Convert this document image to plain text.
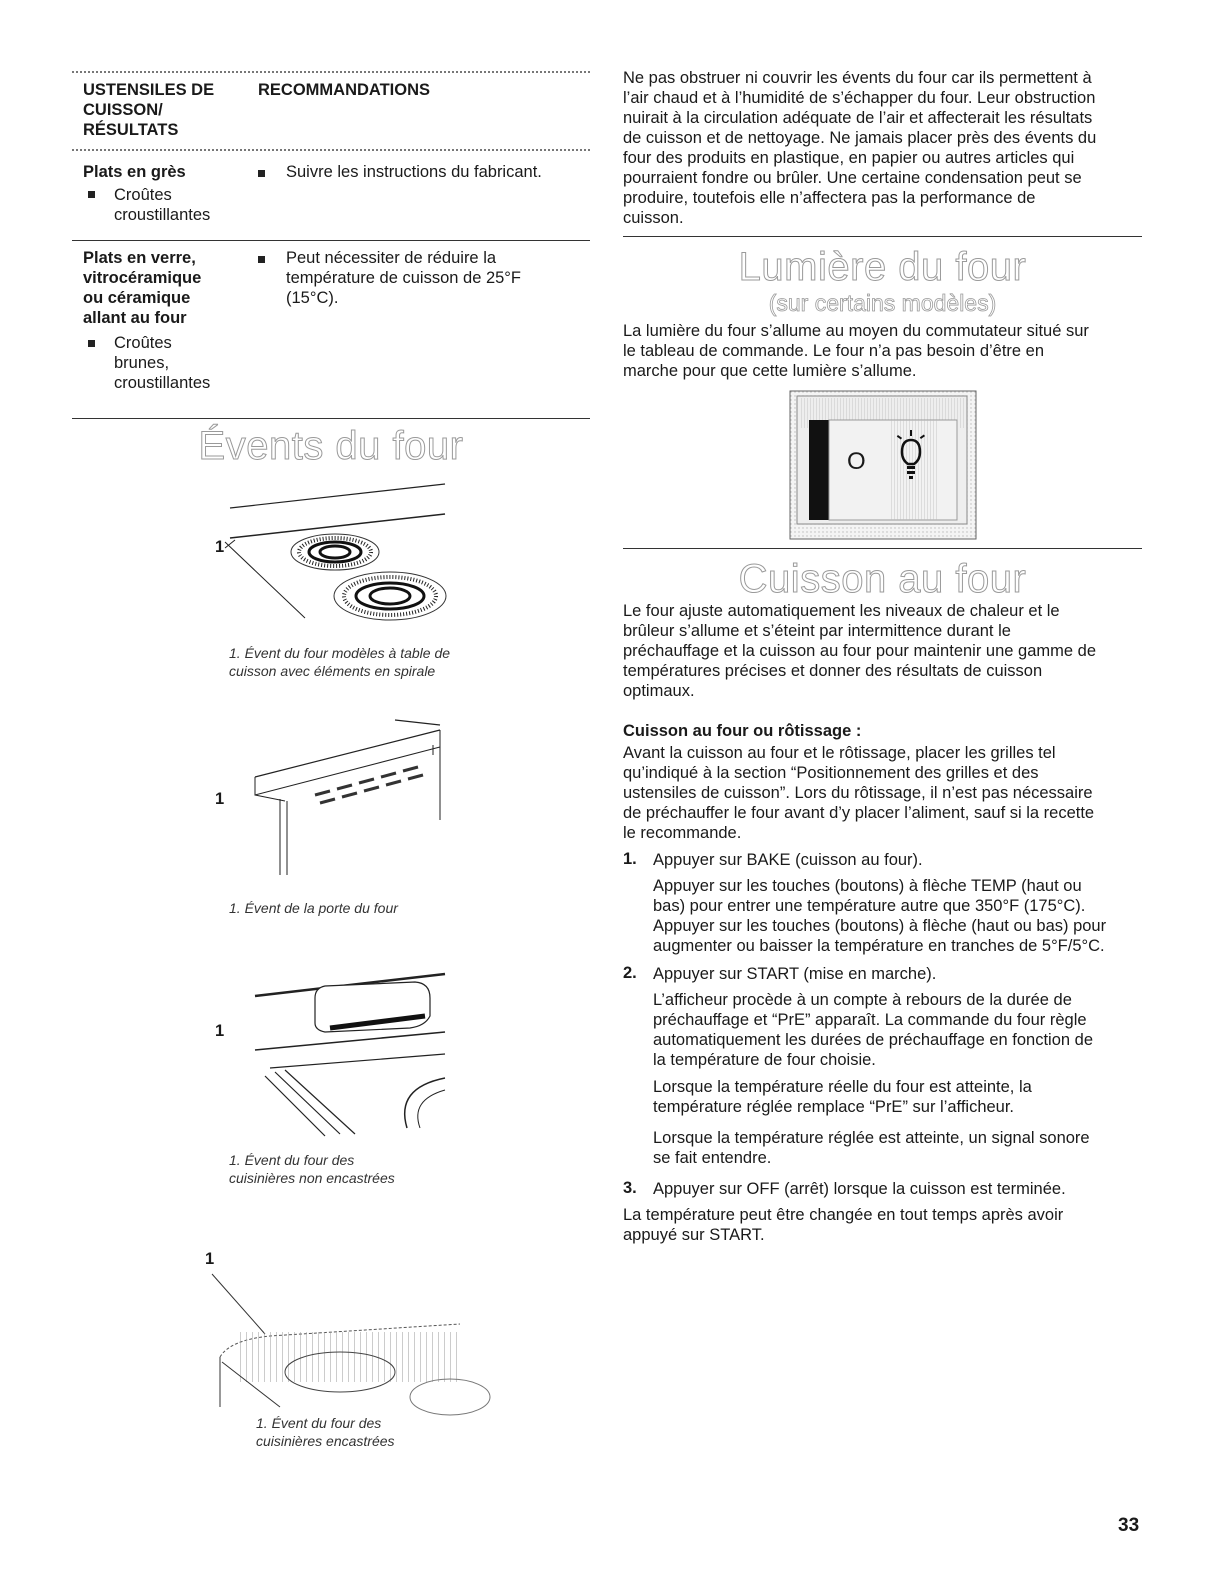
USTENSILES DE
CUISSON/
RÉSULTATS
RECOMMANDATIONS
Plats en grès
Croûtes
croustillantes
Suivre les instructions du fabricant.
Plats en verre,
vitrocéramique
ou céramique
allant au four
Croûtes
brunes,
croustillantes
Peut nécessiter de réduire la
température de cuisson de 25°F
(15°C).
Évents du four
1
1. Évent du four modèles à table de
cuisson avec éléments en spirale
1
1. Évent de la porte du four
1
1. Évent du four des
cuisinières non encastrées
1
1. Évent du four des
cuisinières encastrées
Ne pas obstruer ni couvrir les évents du four car ils permettent à
l’air chaud et à l’humidité de s’échapper du four. Leur obstruction
nuirait à la circulation adéquate de l’air et affecterait les résultats
de cuisson et de nettoyage. Ne jamais placer près des évents du
four des produits en plastique, en papier ou autres articles qui
pourraient fondre ou brûler. Une certaine condensation peut se
produire, toutefois elle n’affectera pas la performance de
cuisson.
Lumière du four
(sur certains modèles)
La lumière du four s’allume au moyen du commutateur situé sur
le tableau de commande. Le four n’a pas besoin d’être en
marche pour que cette lumière s’allume.
O
Cuisson au four
Le four ajuste automatiquement les niveaux de chaleur et le
brûleur s’allume et s’éteint par intermittence durant le
préchauffage et la cuisson au four pour maintenir une gamme de
températures précises et donner des résultats de cuisson
optimaux.
Cuisson au four ou rôtissage :
Avant la cuisson au four et le rôtissage, placer les grilles tel
qu’indiqué à la section “Positionnement des grilles et des
ustensiles de cuisson”. Lors du rôtissage, il n’est pas nécessaire
de préchauffer le four avant d’y placer l’aliment, sauf si la recette
le recommande.
1. Appuyer sur BAKE (cuisson au four).
Appuyer sur les touches (boutons) à flèche TEMP (haut ou
bas) pour entrer une température autre que 350°F (175°C).
Appuyer sur les touches (boutons) à flèche (haut ou bas) pour
augmenter ou baisser la température en tranches de 5°F/5°C.
2. Appuyer sur START (mise en marche).
L’afficheur procède à un compte à rebours de la durée de
préchauffage et “PrE” apparaît. La commande du four règle
automatiquement les durées de préchauffage en fonction de
la température de four choisie.
Lorsque la température réelle du four est atteinte, la
température réglée remplace “PrE” sur l’afficheur.
Lorsque la température réglée est atteinte, un signal sonore
se fait entendre.
3. Appuyer sur OFF (arrêt) lorsque la cuisson est terminée.
La température peut être changée en tout temps après avoir
appuyé sur START.
33
